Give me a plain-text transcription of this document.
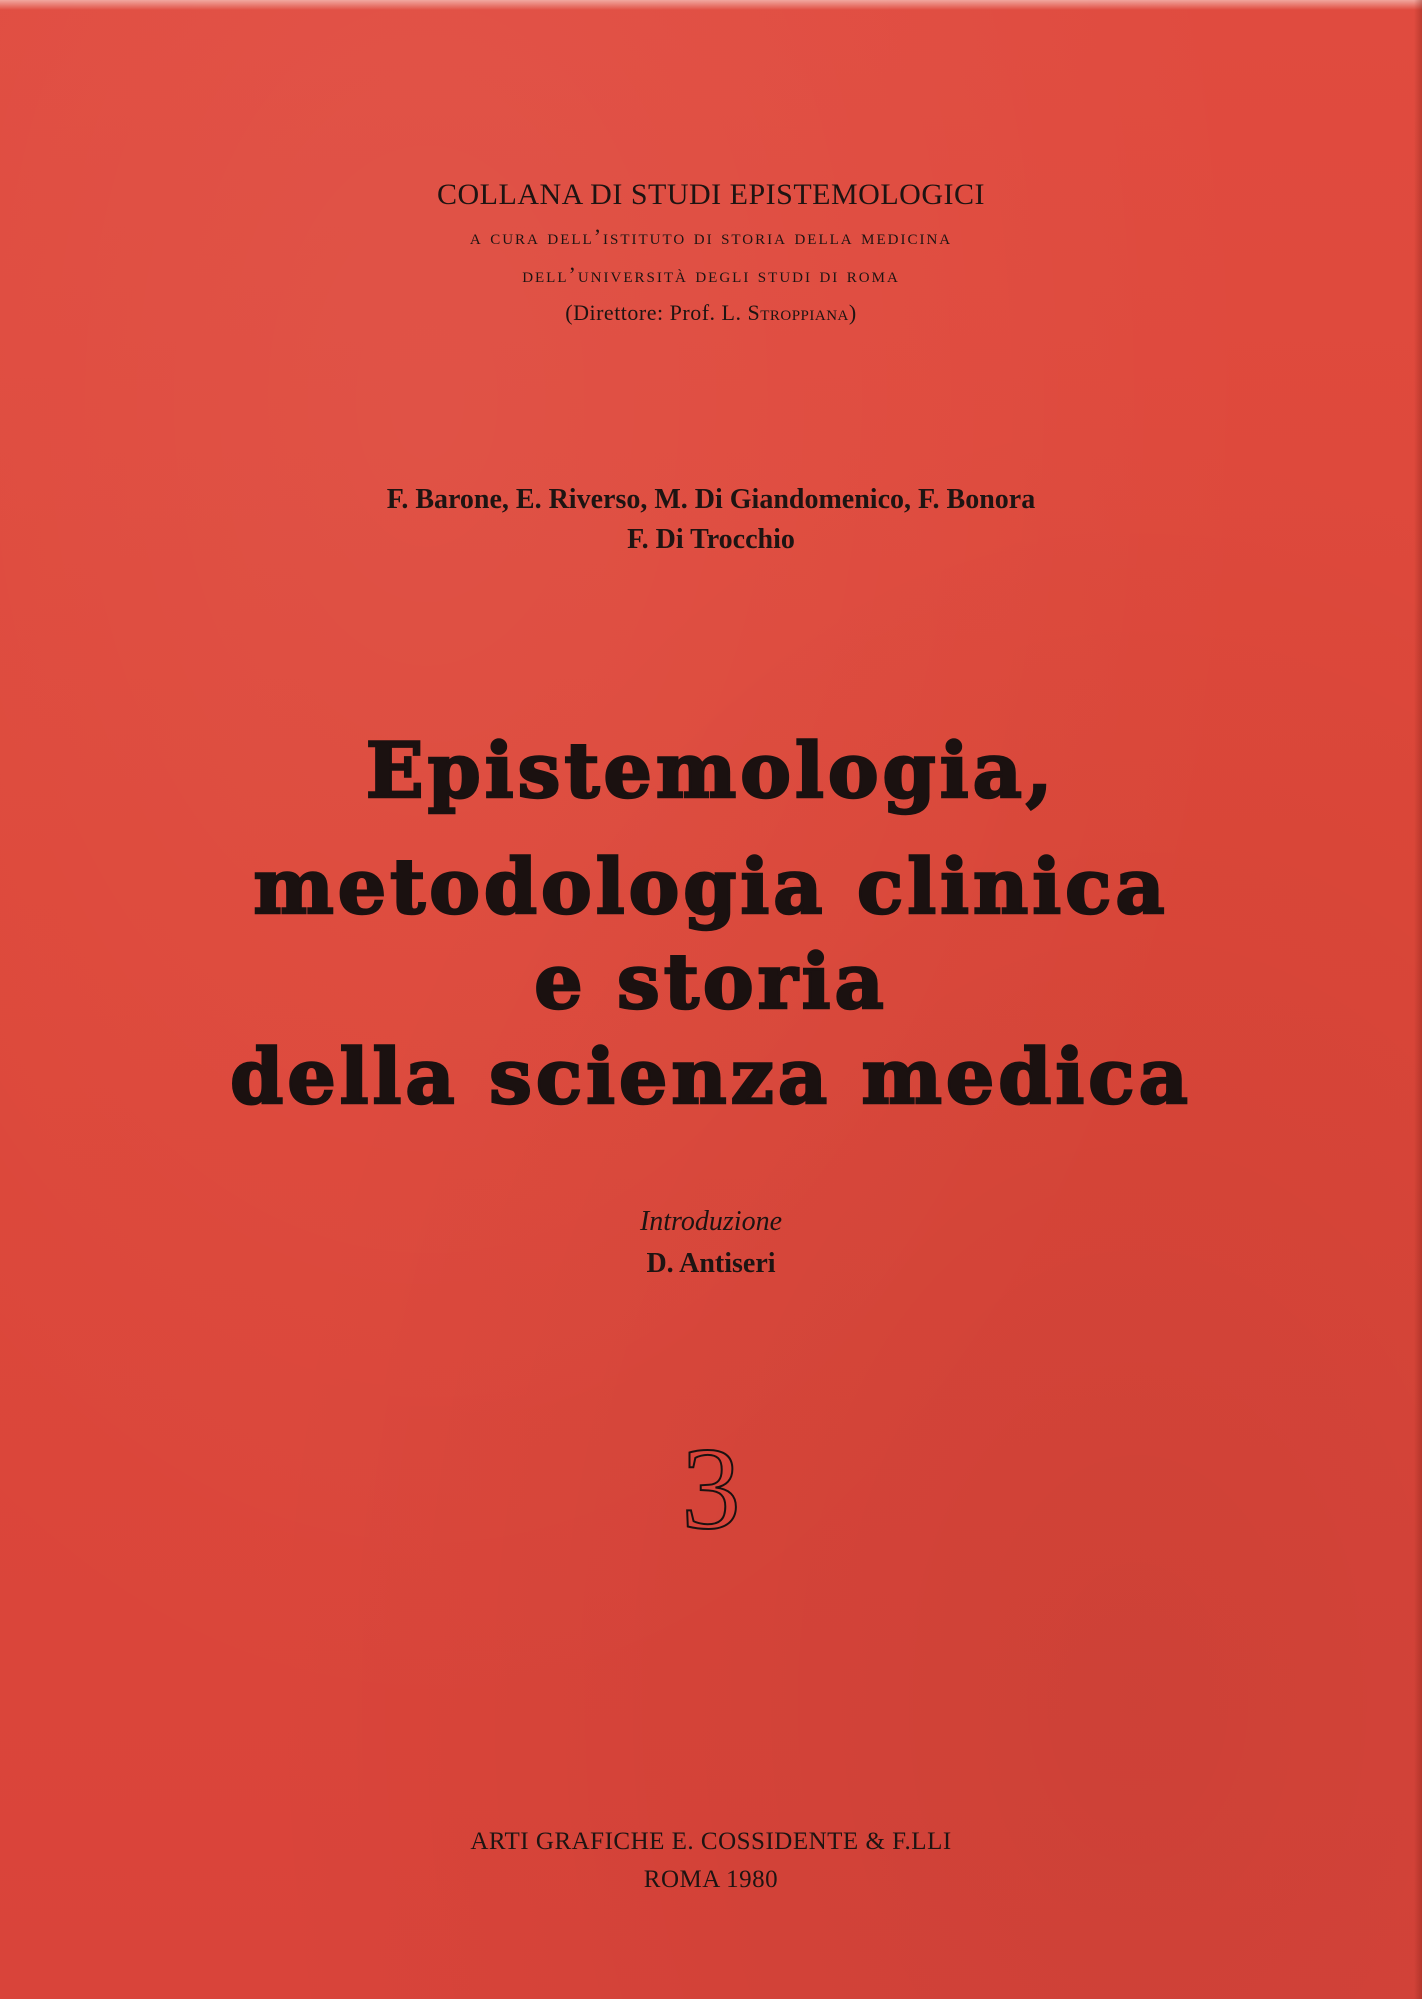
COLLANA DI STUDI EPISTEMOLOGICI
a cura dell’istituto di storia della medicina
dell’università degli studi di roma
(Direttore: Prof. L. Stroppiana)
F. Barone, E. Riverso, M. Di Giandomenico, F. Bonora
F. Di Trocchio
Epistemologia,
metodologia clinica
e storia
della scienza medica
Introduzione
D. Antiseri
3
ARTI GRAFICHE E. COSSIDENTE & F.LLI
ROMA 1980
